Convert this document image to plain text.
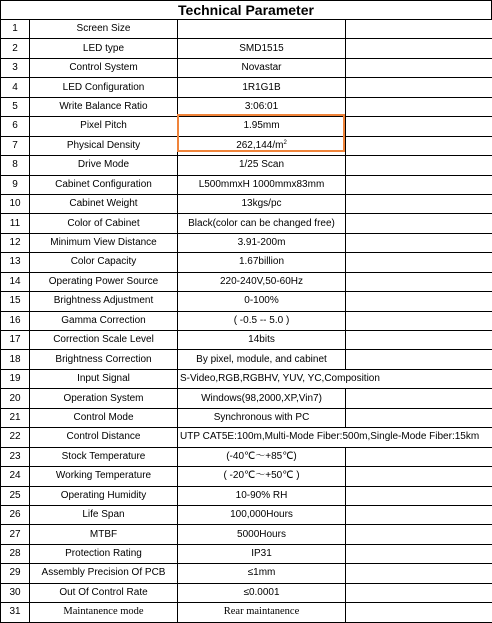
Technical Parameter
1	Screen Size		
2	LED type	SMD1515	
3	Control System	Novastar	
4	LED Configuration	1R1G1B	
5	Write Balance Ratio	3:06:01	
6	Pixel Pitch	1.95mm	
7	Physical Density	$262,144/m^2$	
8	Drive Mode	1/25 Scan	
9	Cabinet Configuration	L500mmxH 1000mmx83mm	
10	Cabinet Weight	13kgs/pc	
11	Color of Cabinet	Black(color can be changed free)	
12	Minimum View Distance	3.91-200m	
13	Color Capacity	1.67billion	
14	Operating Power Source	220-240V,50-60Hz	
15	Brightness Adjustment	0-100%	
16	Gamma Correction	( -0.5 -- 5.0 )	
17	Correction Scale Level	14bits	
18	Brightness Correction	By pixel, module, and cabinet	
19	Input Signal	S-Video,RGB,RGBHV, YUV, YC,Composition	
20	Operation System	Windows(98,2000,XP,Vin7)	
21	Control Mode	Synchronous with PC	
22	Control Distance	UTP CAT5E:100m,Multi-Mode Fiber:500m,Single-Mode Fiber:15km	
23	Stock Temperature	(-40℃～+85℃)	
24	Working Temperature	( -20℃～+50℃ )	
25	Operating Humidity	10-90% RH	
26	Life Span	100,000Hours	
27	MTBF	5000Hours	
28	Protection Rating	IP31	
29	Assembly Precision Of PCB	≤1mm	
30	Out Of Control Rate	≤0.0001	
31	Maintanence mode	Rear maintanence	
